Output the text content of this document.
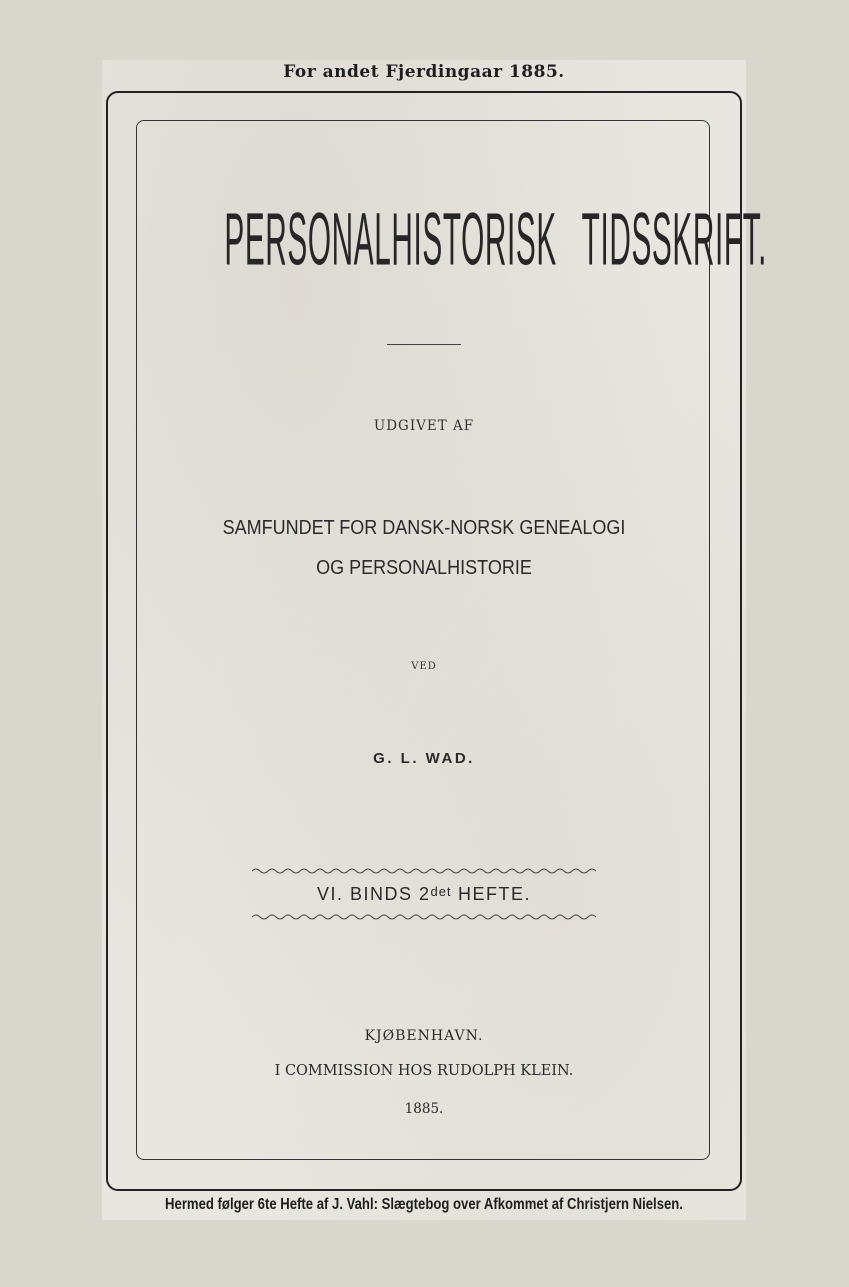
For andet Fjerdingaar 1885.
PERSONALHISTORISK TIDSSKRIFT.
UDGIVET AF
SAMFUNDET FOR DANSK-NORSK GENEALOGI
OG PERSONALHISTORIE
VED
G. L. WAD.
VI. BINDS $2^{det}$ HEFTE.
KJØBENHAVN.
I COMMISSION HOS RUDOLPH KLEIN.
1885.
Hermed følger 6te Hefte af J. Vahl: Slægtebog over Afkommet af Christjern Nielsen.
